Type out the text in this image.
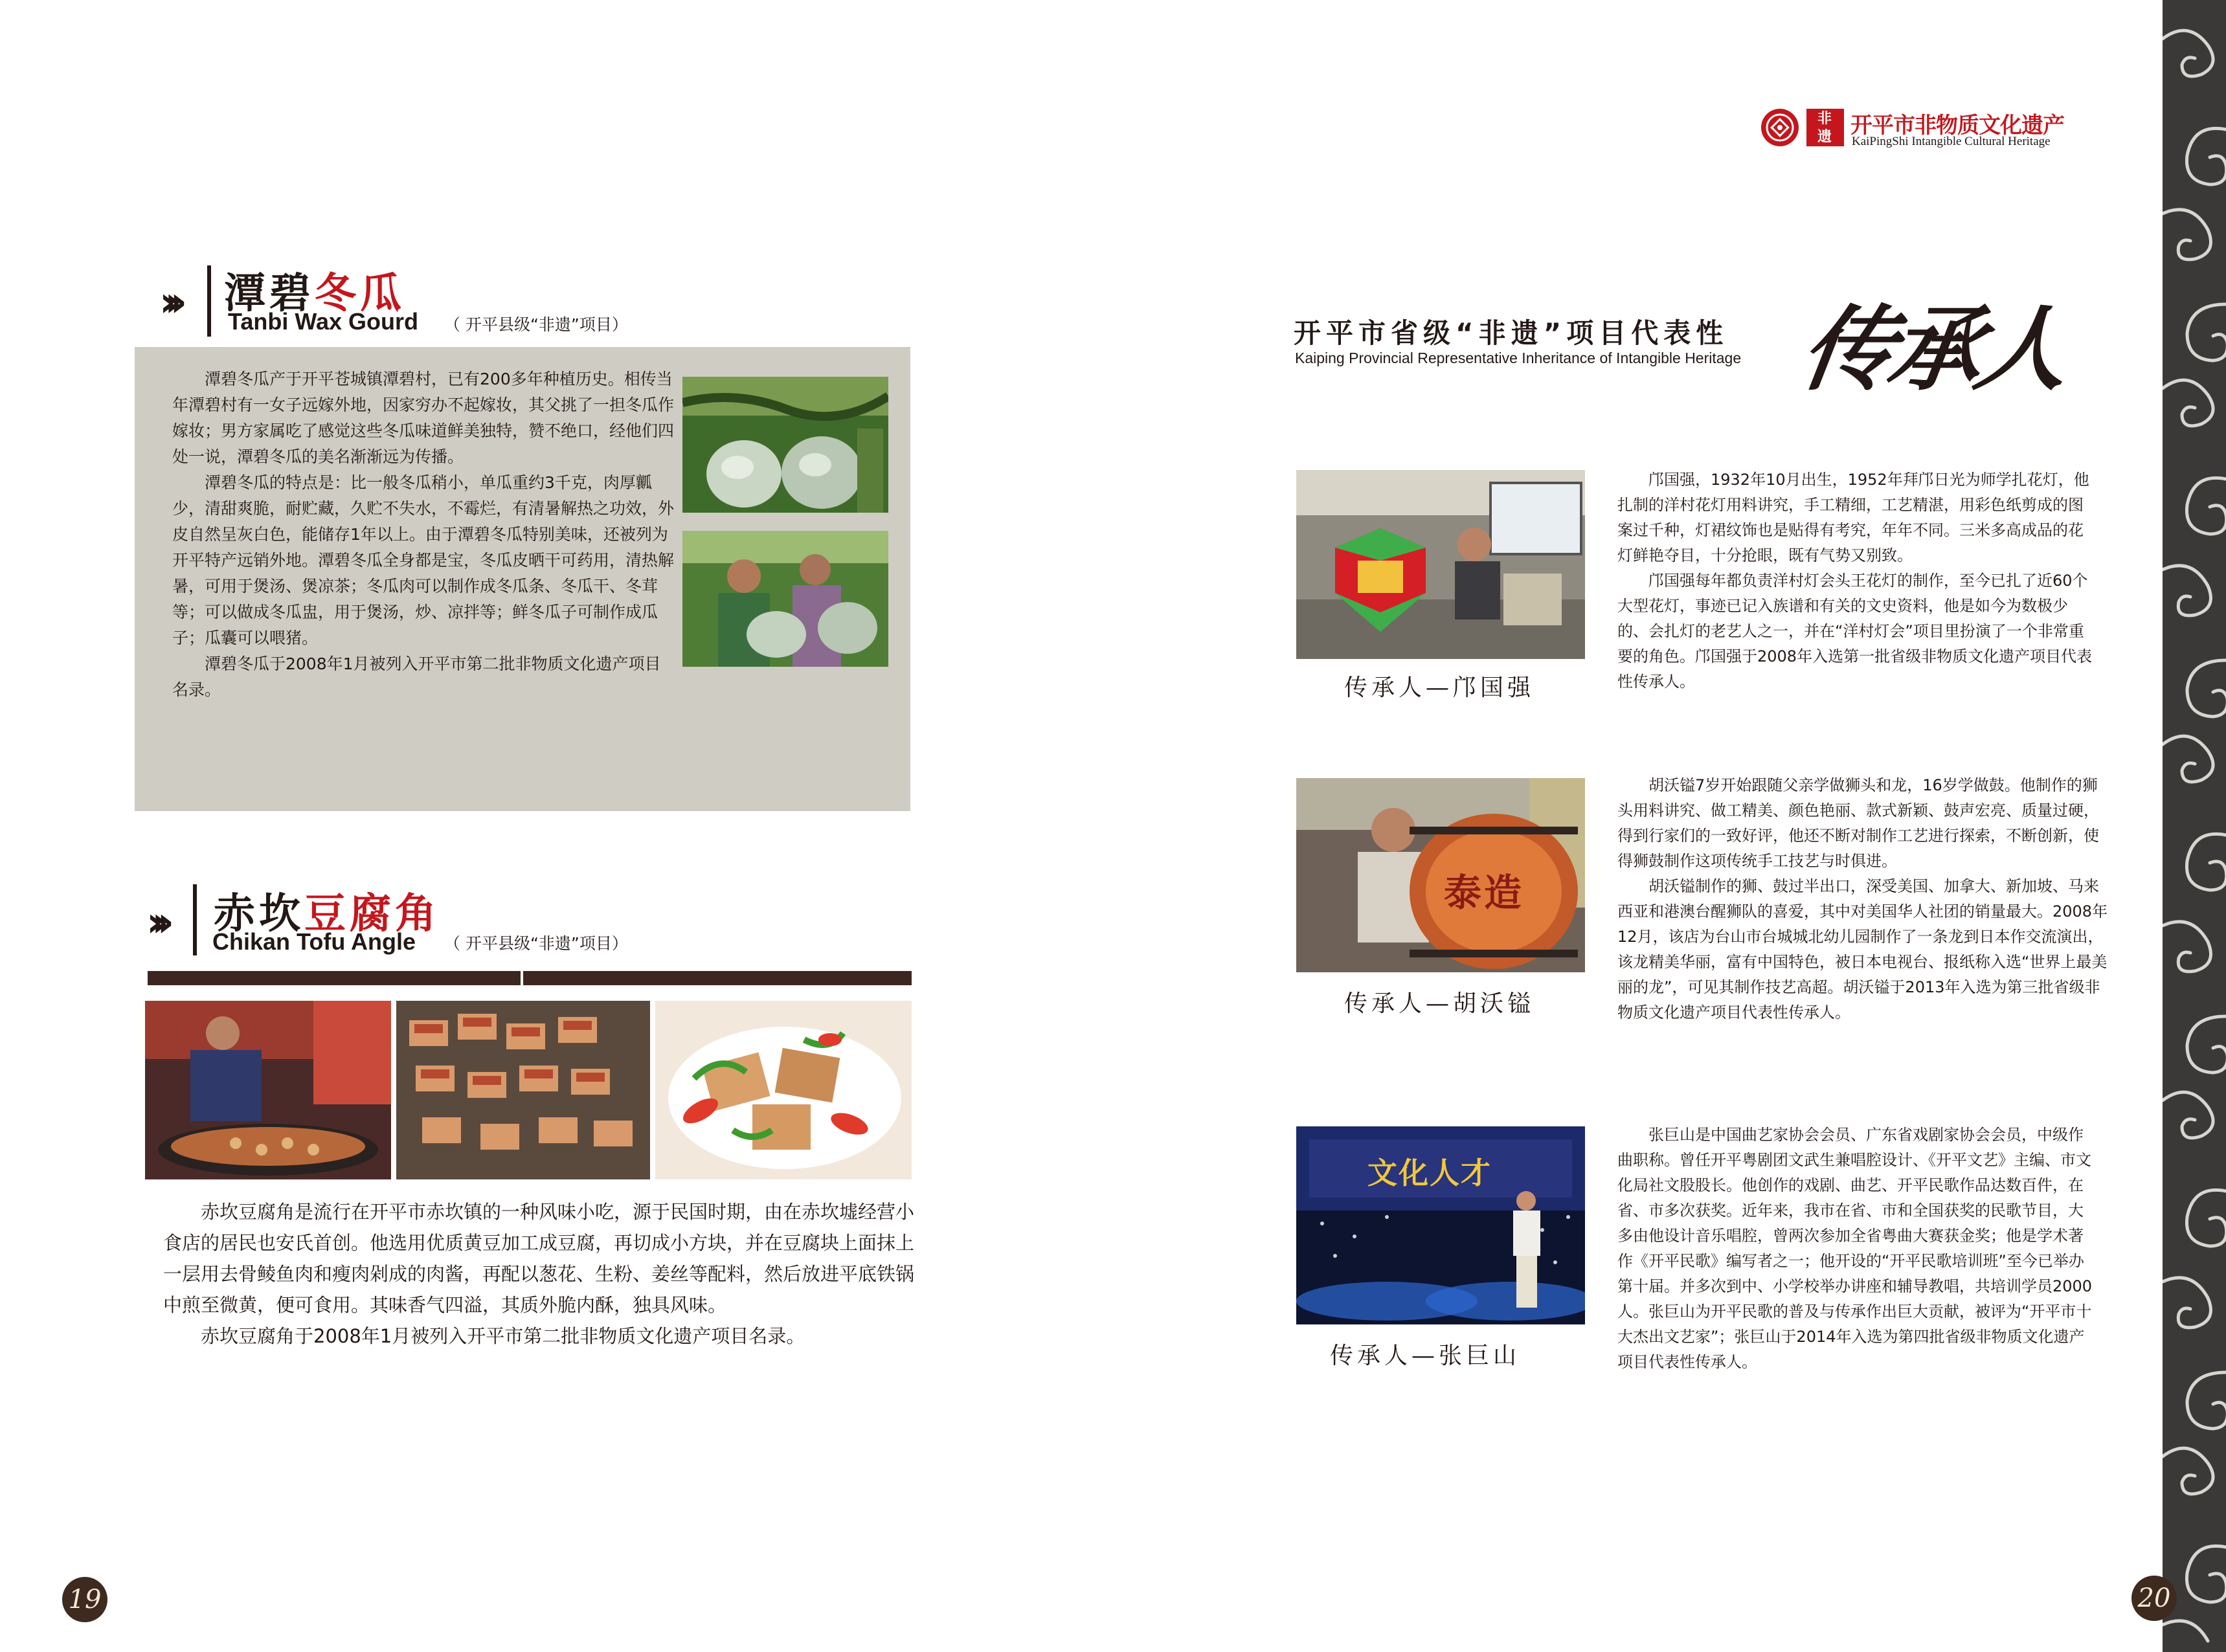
非遗 开平市非物质文化遗产
KaiPingShi Intangible Cultural Heritage
››› 潭碧冬瓜
Tanbi Wax Gourd （ 开平县级“非遗”项目）

潭碧冬瓜产于开平苍城镇潭碧村，已有200多年种植历史。相传当年潭碧村有一女子远嫁外地，因家穷办不起嫁妆，其父挑了一担冬瓜作嫁妆；男方家属吃了感觉这些冬瓜味道鲜美独特，赞不绝口，经他们四处一说，潭碧冬瓜的美名渐渐远为传播。

潭碧冬瓜的特点是：比一般冬瓜稍小，单瓜重约3千克，肉厚瓤少，清甜爽脆，耐贮藏，久贮不失水，不霉烂，有清暑解热之功效，外皮自然呈灰白色，能储存1年以上。由于潭碧冬瓜特别美味，还被列为开平特产远销外地。潭碧冬瓜全身都是宝，冬瓜皮晒干可药用，清热解暑，可用于煲汤、煲凉茶；冬瓜肉可以制作成冬瓜条、冬瓜干、冬茸等；可以做成冬瓜盅，用于煲汤，炒、凉拌等；鲜冬瓜子可制作成瓜子；瓜囊可以喂猪。

潭碧冬瓜于2008年1月被列入开平市第二批非物质文化遗产项目名录。

››› 赤坎豆腐角
Chikan Tofu Angle （ 开平县级“非遗”项目）

赤坎豆腐角是流行在开平市赤坎镇的一种风味小吃，源于民国时期，由在赤坎墟经营小食店的居民也安氏首创。他选用优质黄豆加工成豆腐，再切成小方块，并在豆腐块上面抹上一层用去骨鲮鱼肉和瘦肉剁成的肉酱，再配以葱花、生粉、姜丝等配料，然后放进平底铁锅中煎至微黄，便可食用。其味香气四溢，其质外脆内酥，独具风味。

赤坎豆腐角于2008年1月被列入开平市第二批非物质文化遗产项目名录。

19
开平市省级“非遗”项目代表性
Kaiping Provincial Representative Inheritance of Intangible Heritage 传承人
传承人—邝国强

邝国强，1932年10月出生，1952年拜邝日光为师学扎花灯，他扎制的洋村花灯用料讲究，手工精细，工艺精湛，用彩色纸剪成的图案过千种，灯裙纹饰也是贴得有考究，年年不同。三米多高成品的花灯鲜艳夺目，十分抢眼，既有气势又别致。

邝国强每年都负责洋村灯会头王花灯的制作，至今已扎了近60个大型花灯，事迹已记入族谱和有关的文史资料，他是如今为数极少的、会扎灯的老艺人之一，并在“洋村灯会”项目里扮演了一个非常重要的角色。邝国强于2008年入选第一批省级非物质文化遗产项目代表性传承人。

泰造
传承人—胡沃镒

胡沃镒7岁开始跟随父亲学做狮头和龙，16岁学做鼓。他制作的狮头用料讲究、做工精美、颜色艳丽、款式新颖、鼓声宏亮、质量过硬，得到行家们的一致好评，他还不断对制作工艺进行探索，不断创新，使得狮鼓制作这项传统手工技艺与时俱进。

胡沃镒制作的狮、鼓过半出口，深受美国、加拿大、新加坡、马来西亚和港澳台醒狮队的喜爱，其中对美国华人社团的销量最大。2008年12月，该店为台山市台城城北幼儿园制作了一条龙到日本作交流演出，该龙精美华丽，富有中国特色，被日本电视台、报纸称入选“世界上最美丽的龙”，可见其制作技艺高超。胡沃镒于2013年入选为第三批省级非物质文化遗产项目代表性传承人。

文化人才
传承人—张巨山

张巨山是中国曲艺家协会会员、广东省戏剧家协会会员，中级作曲职称。曾任开平粤剧团文武生兼唱腔设计、《开平文艺》主编、市文化局社文股股长。他创作的戏剧、曲艺、开平民歌作品达数百件，在省、市多次获奖。近年来，我市在省、市和全国获奖的民歌节目，大多由他设计音乐唱腔，曾两次参加全省粤曲大赛获金奖；他是学术著作《开平民歌》编写者之一；他开设的“开平民歌培训班”至今已举办第十届。并多次到中、小学校举办讲座和辅导教唱，共培训学员2000人。张巨山为开平民歌的普及与传承作出巨大贡献，被评为“开平市十大杰出文艺家”；张巨山于2014年入选为第四批省级非物质文化遗产项目代表性传承人。

20
